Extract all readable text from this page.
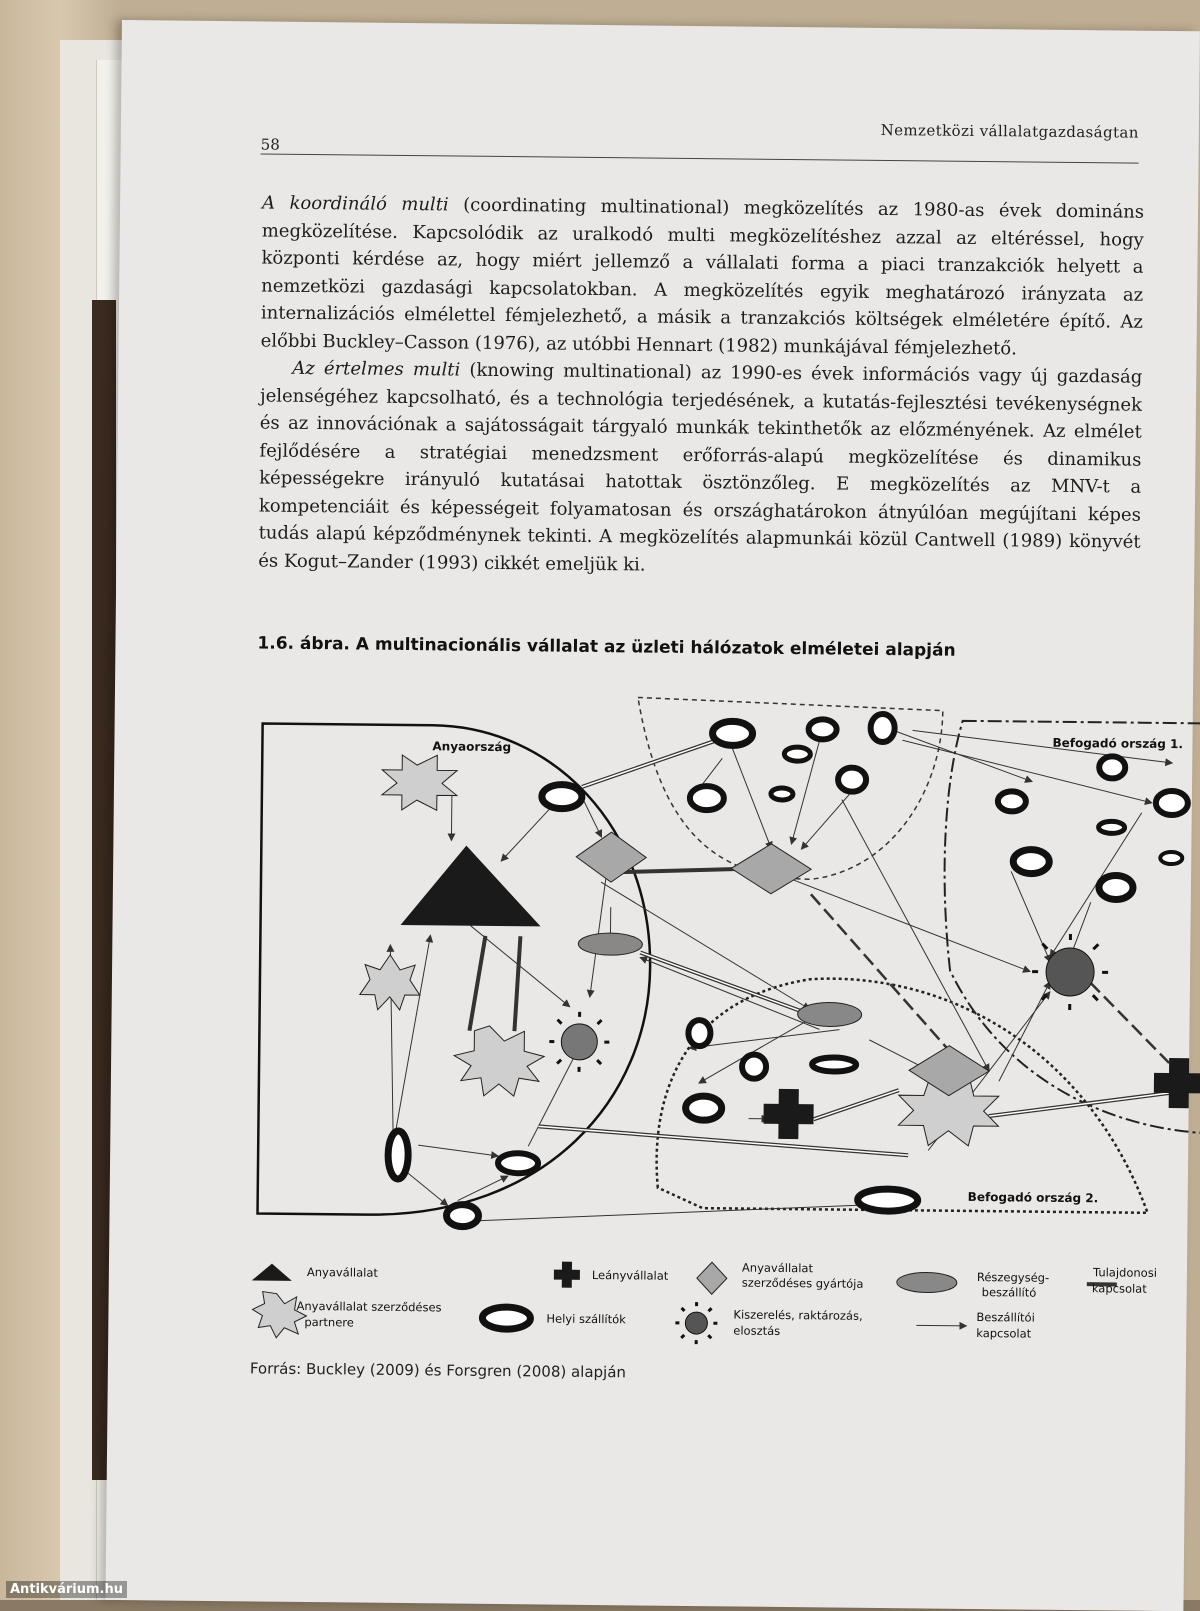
58
Nemzetközi vállalatgazdaságtan

A koordináló multi (coordinating multinational) megközelítés az 1980-as évek domináns megközelítése. Kapcsolódik az uralkodó multi megközelítéshez azzal az eltéréssel, hogy központi kérdése az, hogy miért jellemző a vállalati forma a piaci tranzakciók helyett a nemzetközi gazdasági kapcsolatokban. A megközelítés egyik meghatározó irányzata az internalizációs elmélettel fémjelezhető, a másik a tranzakciós költségek elméletére építő. Az előbbi Buckley–Casson (1976), az utóbbi Hennart (1982) munkájával fémjelezhető.

Az értelmes multi (knowing multinational) az 1990-es évek információs vagy új gazdaság jelenségéhez kapcsolható, és a technológia terjedésének, a kutatás-fejlesztési tevékenységnek és az innovációnak a sajátosságait tárgyaló munkák tekinthetők az előzményének. Az elmélet fejlődésére a stratégiai menedzsment erőforrás-alapú megközelítése és dinamikus képességekre irányuló kutatásai hatottak ösztönzőleg. E megközelítés az MNV-t a kompetenciáit és képességeit folyamatosan és országhatárokon átnyúlóan megújítani képes tudás alapú képződménynek tekinti. A megközelítés alapmunkái közül Cantwell (1989) könyvét és Kogut–Zander (1993) cikkét emeljük ki.

1.6. ábra. A multinacionális vállalat az üzleti hálózatok elméletei alapján
Anyaország	Befogadó ország 1.
Befogadó ország 2.
Anyavállalat	Leányvállalat
Anyavállalat
szerződéses gyártója	Részegység-
beszállító
Tulajdonosi
kapcsolat
Anyavállalat szerződéses
partnere	Helyi szállítók	Kiszerelés, raktározás,
elosztás
Beszállítói
kapcsolat
Forrás: Buckley (2009) és Forsgren (2008) alapján
Antikvárium.hu
